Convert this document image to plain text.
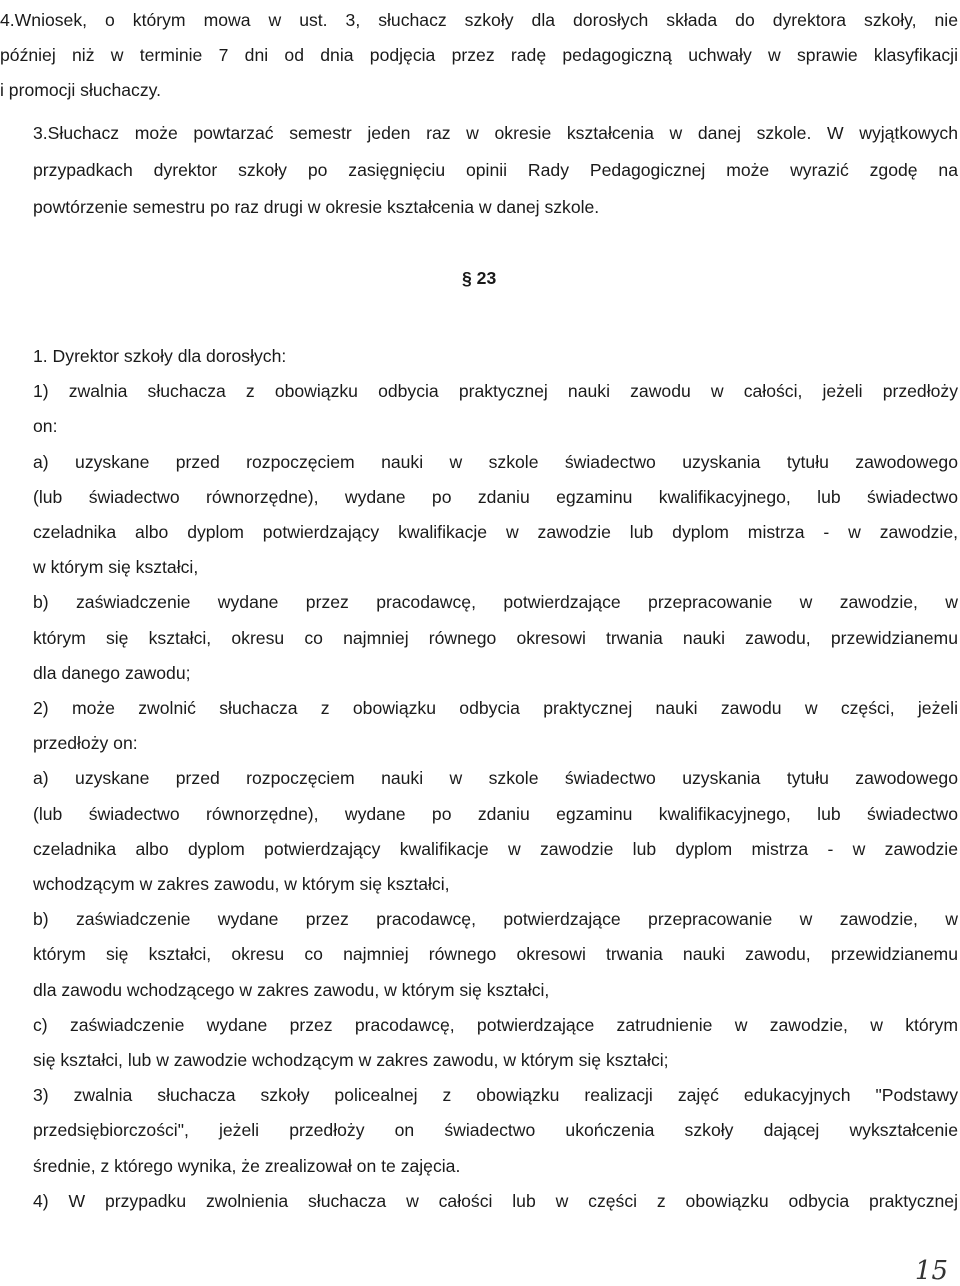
4.Wniosek, o którym mowa w ust. 3, słuchacz szkoły dla dorosłych składa do dyrektora szkoły, nie
później niż w terminie 7 dni od dnia podjęcia przez radę pedagogiczną uchwały w sprawie klasyfikacji
i promocji słuchaczy.
3.Słuchacz może powtarzać semestr jeden raz w okresie kształcenia w danej szkole. W wyjątkowych
przypadkach dyrektor szkoły po zasięgnięciu opinii Rady Pedagogicznej może wyrazić zgodę na
powtórzenie semestru po raz drugi w okresie kształcenia w danej szkole.
§ 23
1. Dyrektor szkoły dla dorosłych:
1) zwalnia słuchacza z obowiązku odbycia praktycznej nauki zawodu w całości, jeżeli przedłoży
on:
a) uzyskane przed rozpoczęciem nauki w szkole świadectwo uzyskania tytułu zawodowego
(lub świadectwo równorzędne), wydane po zdaniu egzaminu kwalifikacyjnego, lub świadectwo
czeladnika albo dyplom potwierdzający kwalifikacje w zawodzie lub dyplom mistrza - w zawodzie,
w którym się kształci,
b) zaświadczenie wydane przez pracodawcę, potwierdzające przepracowanie w zawodzie, w
którym się kształci, okresu co najmniej równego okresowi trwania nauki zawodu, przewidzianemu
dla danego zawodu;
2) może zwolnić słuchacza z obowiązku odbycia praktycznej nauki zawodu w części, jeżeli
przedłoży on:
a) uzyskane przed rozpoczęciem nauki w szkole świadectwo uzyskania tytułu zawodowego
(lub świadectwo równorzędne), wydane po zdaniu egzaminu kwalifikacyjnego, lub świadectwo
czeladnika albo dyplom potwierdzający kwalifikacje w zawodzie lub dyplom mistrza - w zawodzie
wchodzącym w zakres zawodu, w którym się kształci,
b) zaświadczenie wydane przez pracodawcę, potwierdzające przepracowanie w zawodzie, w
którym się kształci, okresu co najmniej równego okresowi trwania nauki zawodu, przewidzianemu
dla zawodu wchodzącego w zakres zawodu, w którym się kształci,
c) zaświadczenie wydane przez pracodawcę, potwierdzające zatrudnienie w zawodzie, w którym
się kształci, lub w zawodzie wchodzącym w zakres zawodu, w którym się kształci;
3) zwalnia słuchacza szkoły policealnej z obowiązku realizacji zajęć edukacyjnych "Podstawy
przedsiębiorczości", jeżeli przedłoży on świadectwo ukończenia szkoły dającej wykształcenie
średnie, z którego wynika, że zrealizował on te zajęcia.
4) W przypadku zwolnienia słuchacza w całości lub w części z obowiązku odbycia praktycznej
15
